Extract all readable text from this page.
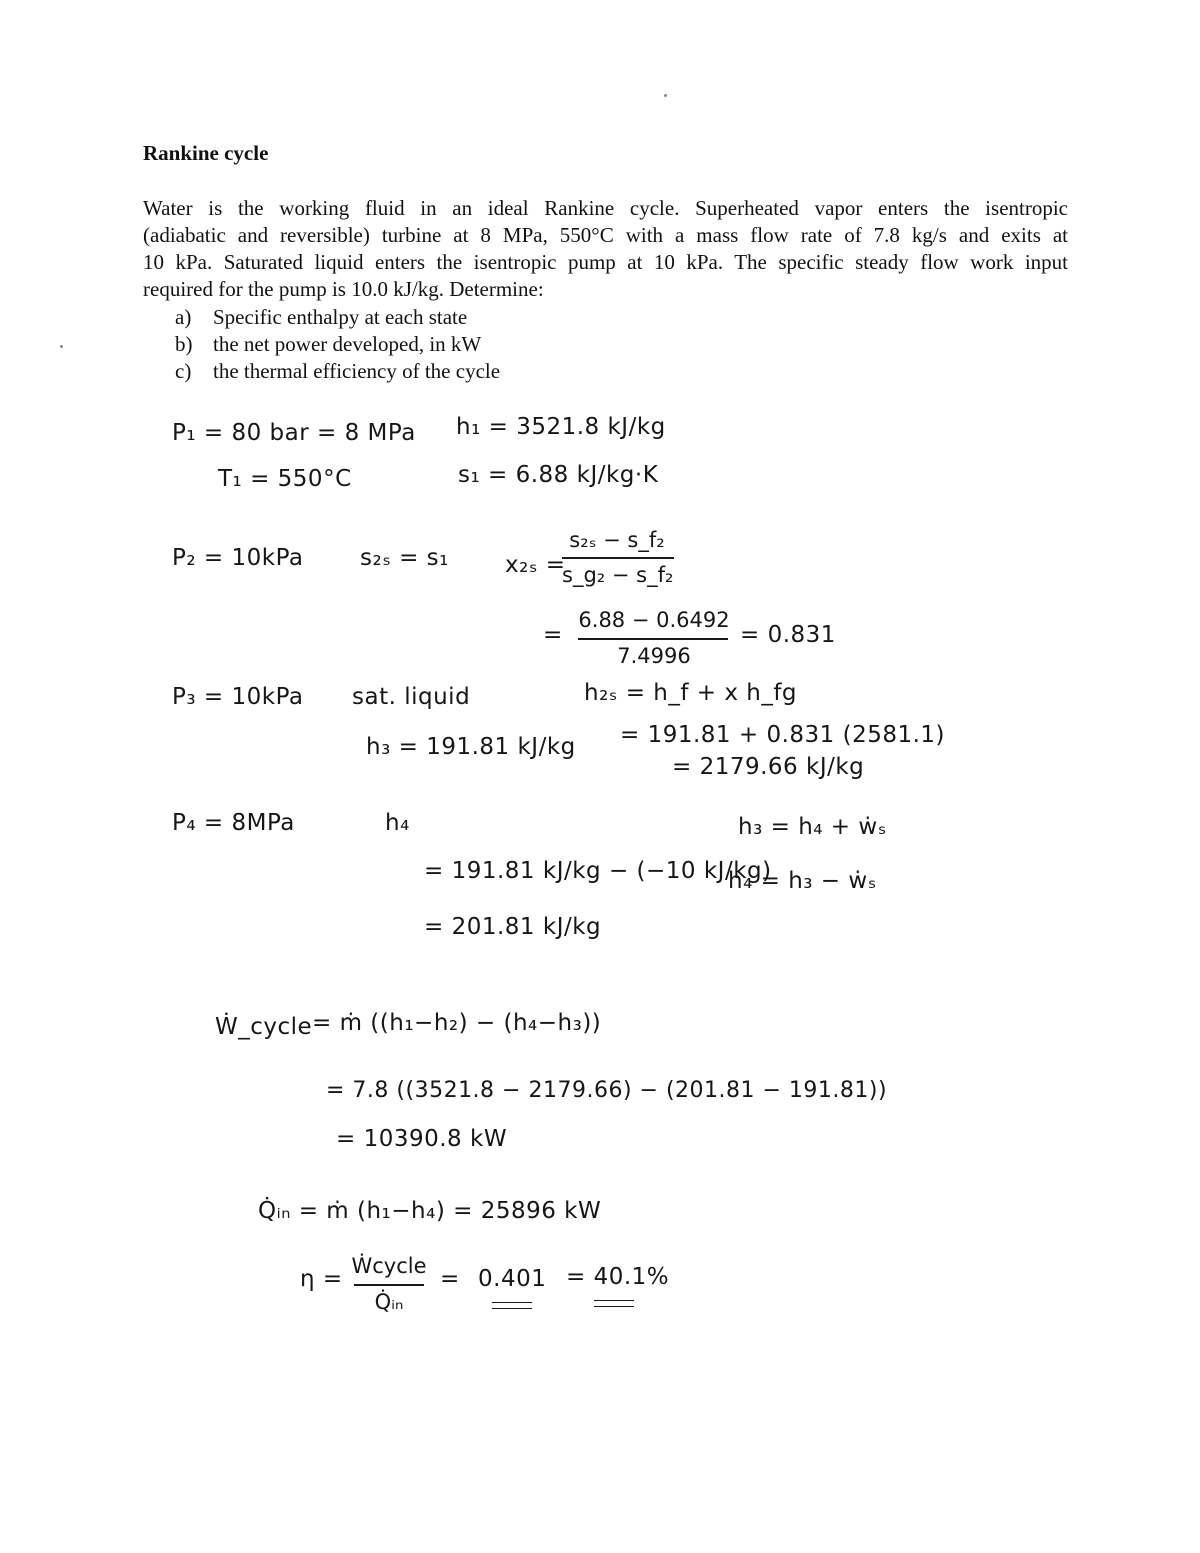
Rankine cycle

Water is the working fluid in an ideal Rankine cycle. Superheated vapor enters the isentropic
(adiabatic and reversible) turbine at 8 MPa, 550°C with a mass flow rate of 7.8 kg/s and exits at
10 kPa. Saturated liquid enters the isentropic pump at 10 kPa. The specific steady flow work input
required for the pump is 10.0 kJ/kg. Determine:

a) Specific enthalpy at each state
b) the net power developed, in kW
c) the thermal efficiency of the cycle
P₁ = 80 bar = 8 MPa
T₁ = 550°C
h₁ = 3521.8 kJ/kg
s₁ = 6.88 kJ/kg·K
P₂ = 10kPa s₂ₛ = s₁ x₂ₛ =
s₂ₛ − s_f₂
s_g₂ − s_f₂
=
6.88 − 0.6492
7.4996
= 0.831
h₂ₛ = h_f + x h_fg
= 191.81 + 0.831 (2581.1)
= 2179.66 kJ/kg
P₃ = 10kPa sat. liquid
h₃ = 191.81 kJ/kg
P₄ = 8MPa	h₄	h₃ = h₄ + ẇₛ
= 191.81 kJ/kg − (−10 kJ/kg)
h₄ = h₃ − ẇₛ
= 201.81 kJ/kg
Ẇ_cycle = ṁ ((h₁−h₂) − (h₄−h₃))
= 7.8 ((3521.8 − 2179.66) − (201.81 − 191.81))
= 10390.8 kW
Q̇ᵢₙ = ṁ (h₁−h₄) = 25896 kW
η = Ẇcycle
Q̇ᵢₙ
= 0.401 = 40.1%
